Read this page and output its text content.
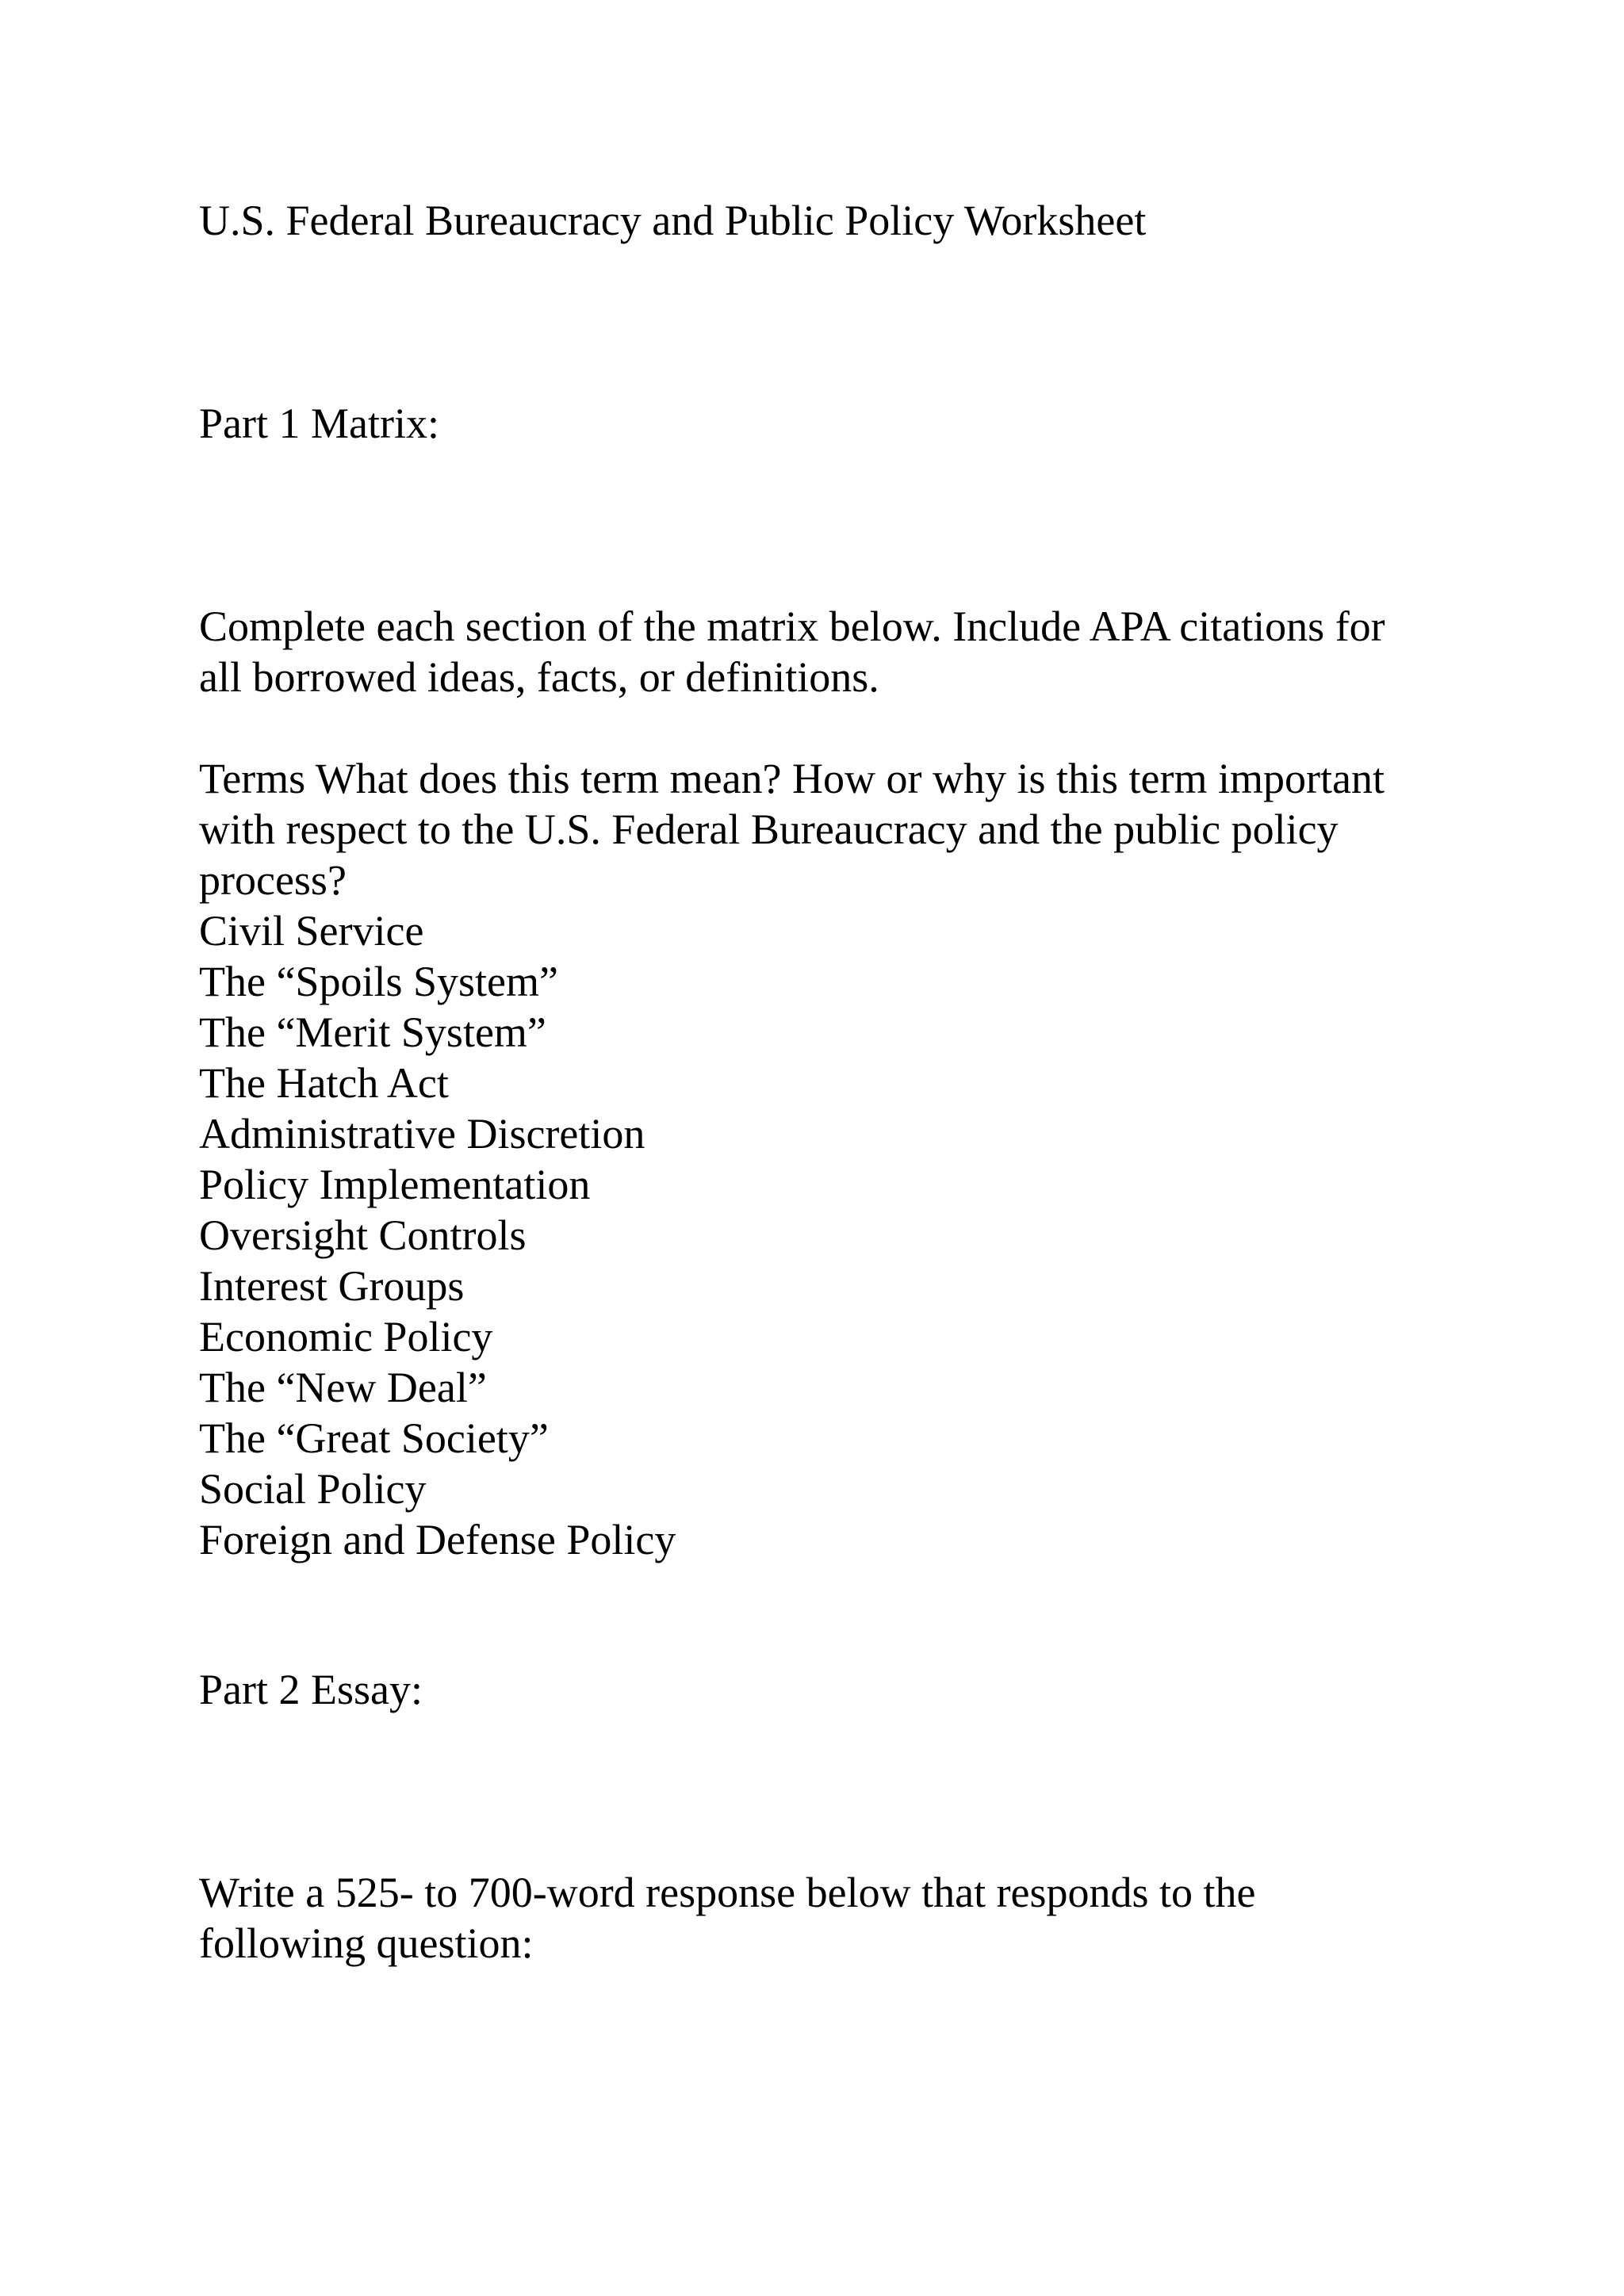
U.S. Federal Bureaucracy and Public Policy Worksheet

Part 1 Matrix:

Complete each section of the matrix below. Include APA citations for

all borrowed ideas, facts, or definitions.

Terms What does this term mean? How or why is this term important

with respect to the U.S. Federal Bureaucracy and the public policy

process?

Civil Service
The “Spoils System”
The “Merit System”
The Hatch Act
Administrative Discretion
Policy Implementation
Oversight Controls
Interest Groups
Economic Policy
The “New Deal”
The “Great Society”
Social Policy
Foreign and Defense Policy

Part 2 Essay:

Write a 525- to 700-word response below that responds to the

following question:
